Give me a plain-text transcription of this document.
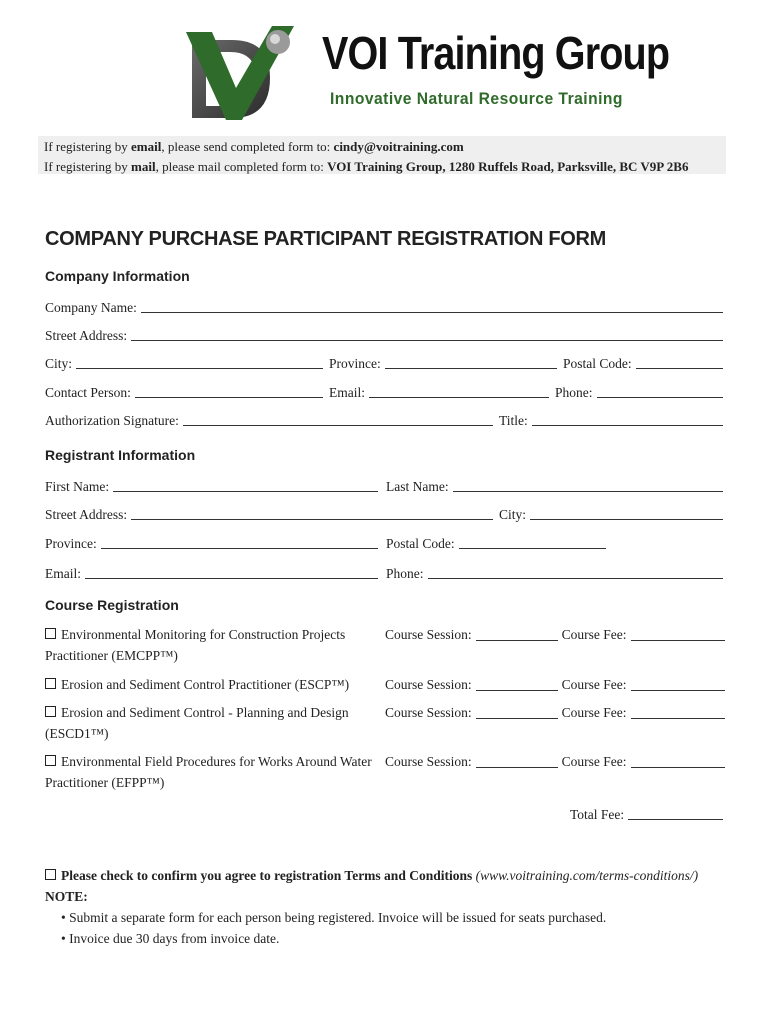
VOI Training Group
Innovative Natural Resource Training
If registering by email, please send completed form to: cindy@voitraining.com
If registering by mail, please mail completed form to: VOI Training Group, 1280 Ruffels Road, Parksville, BC V9P 2B6
COMPANY PURCHASE PARTICIPANT REGISTRATION FORM
Company Information
Company Name:
Street Address:
City:	Province:	Postal Code:
Contact Person:	Email:	Phone:
Authorization Signature:	Title:
Registrant Information
First Name:	Last Name:
Street Address:	City:
Province:	Postal Code:
Email:	Phone:
Course Registration
Environmental Monitoring for Construction Projects
Practitioner (EMCPP™)
Course Session:	Course Fee:
Erosion and Sediment Control Practitioner (ESCP™)	Course Session:	Course Fee:
Erosion and Sediment Control - Planning and Design
(ESCD1™)
Course Session:	Course Fee:
Environmental Field Procedures for Works Around Water
Practitioner (EFPP™)
Course Session:	Course Fee:
Total Fee:
Please check to confirm you agree to registration Terms and Conditions (www.voitraining.com/terms-conditions/)
NOTE:
• Submit a separate form for each person being registered. Invoice will be issued for seats purchased.
• Invoice due 30 days from invoice date.
